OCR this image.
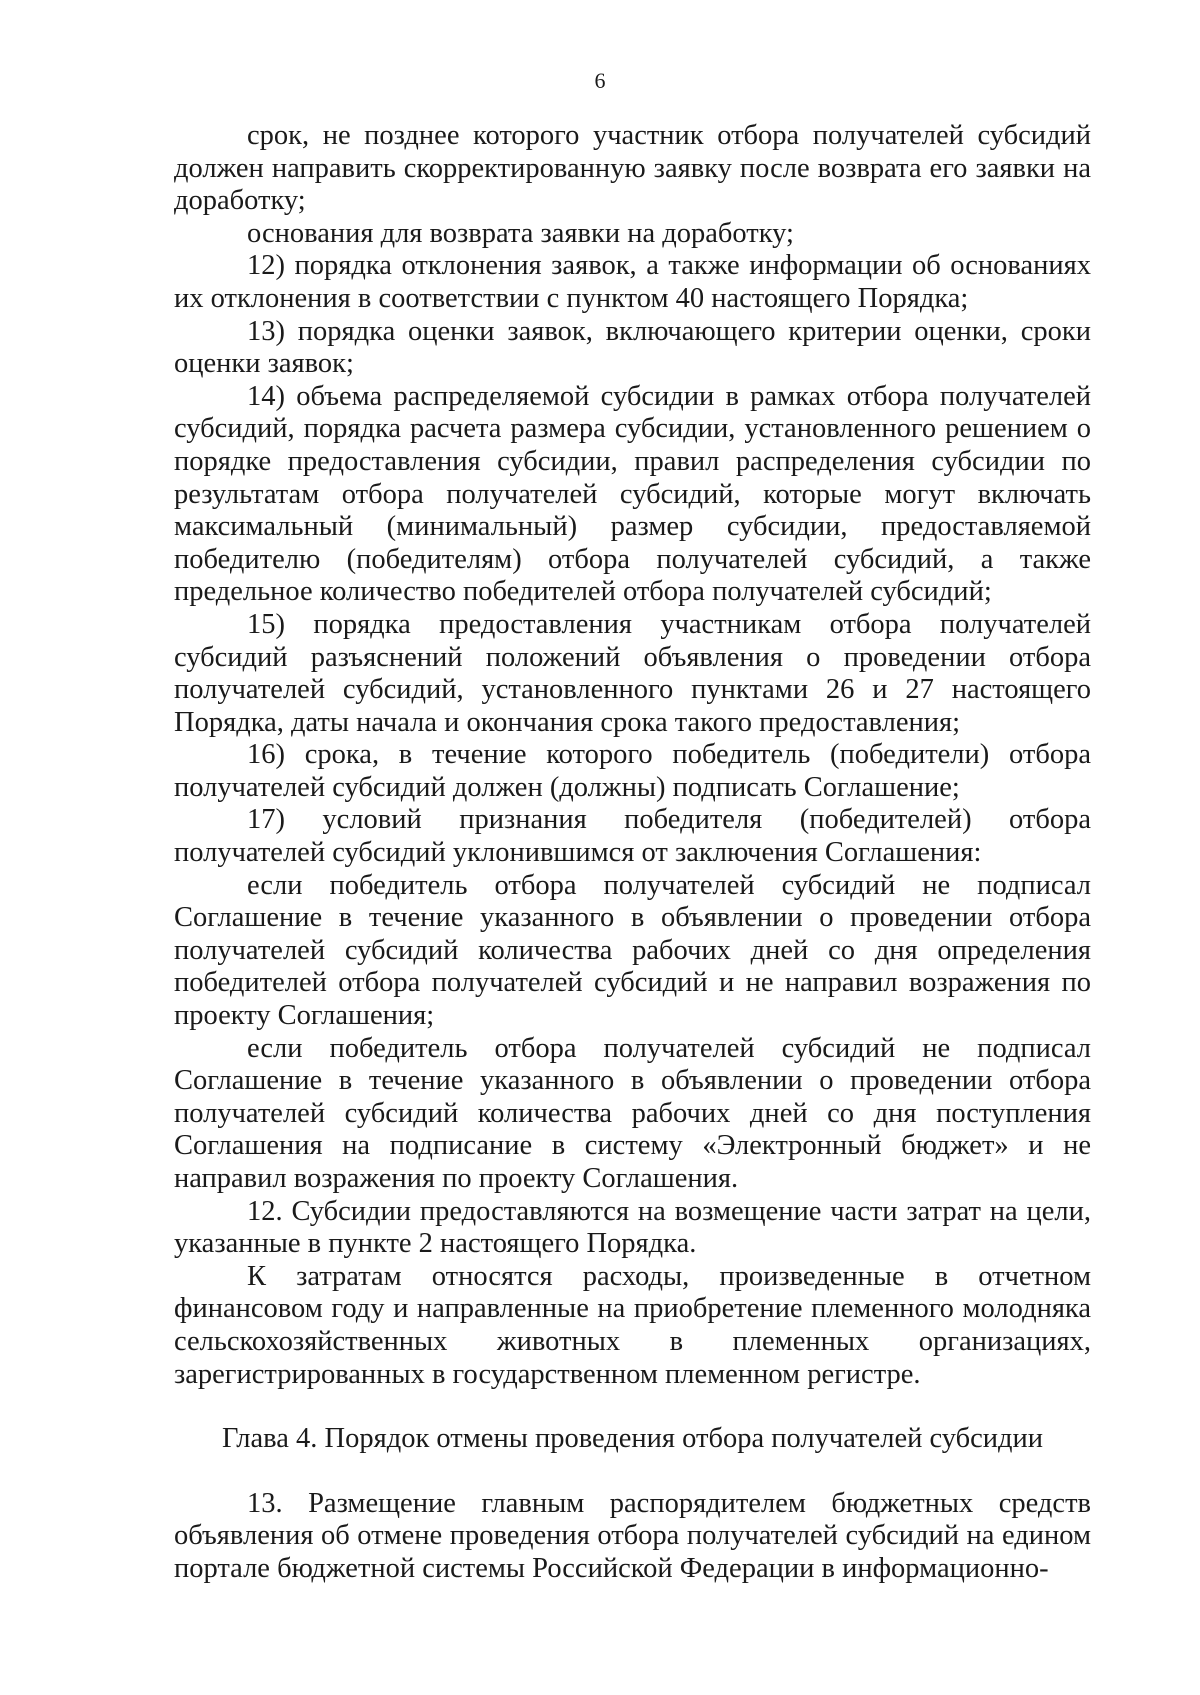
6

срок, не позднее которого участник отбора получателей субсидий должен направить скорректированную заявку после возврата его заявки на доработку;

основания для возврата заявки на доработку;

12) порядка отклонения заявок, а также информации об основаниях их отклонения в соответствии с пунктом 40 настоящего Порядка;

13) порядка оценки заявок, включающего критерии оценки, сроки оценки заявок;

14) объема распределяемой субсидии в рамках отбора получателей субсидий, порядка расчета размера субсидии, установленного решением о порядке предоставления субсидии, правил распределения субсидии по результатам отбора получателей субсидий, которые могут включать максимальный (минимальный) размер субсидии, предоставляемой победителю (победителям) отбора получателей субсидий, а также предельное количество победителей отбора получателей субсидий;

15) порядка предоставления участникам отбора получателей субсидий разъяснений положений объявления о проведении отбора получателей субсидий, установленного пунктами 26 и 27 настоящего Порядка, даты начала и окончания срока такого предоставления;

16) срока, в течение которого победитель (победители) отбора получателей субсидий должен (должны) подписать Соглашение;

17) условий признания победителя (победителей) отбора получателей субсидий уклонившимся от заключения Соглашения:

если победитель отбора получателей субсидий не подписал Соглашение в течение указанного в объявлении о проведении отбора получателей субсидий количества рабочих дней со дня определения победителей отбора получателей субсидий и не направил возражения по проекту Соглашения;

если победитель отбора получателей субсидий не подписал Соглашение в течение указанного в объявлении о проведении отбора получателей субсидий количества рабочих дней со дня поступления Соглашения на подписание в систему «Электронный бюджет» и не направил возражения по проекту Соглашения.

12. Субсидии предоставляются на возмещение части затрат на цели, указанные в пункте 2 настоящего Порядка.

К затратам относятся расходы, произведенные в отчетном финансовом году и направленные на приобретение племенного молодняка сельскохозяйственных животных в племенных организациях, зарегистрированных в государственном племенном регистре.

Глава 4. Порядок отмены проведения отбора получателей субсидии

13. Размещение главным распорядителем бюджетных средств объявления об отмене проведения отбора получателей субсидий на едином портале бюджетной системы Российской Федерации в информационно-
